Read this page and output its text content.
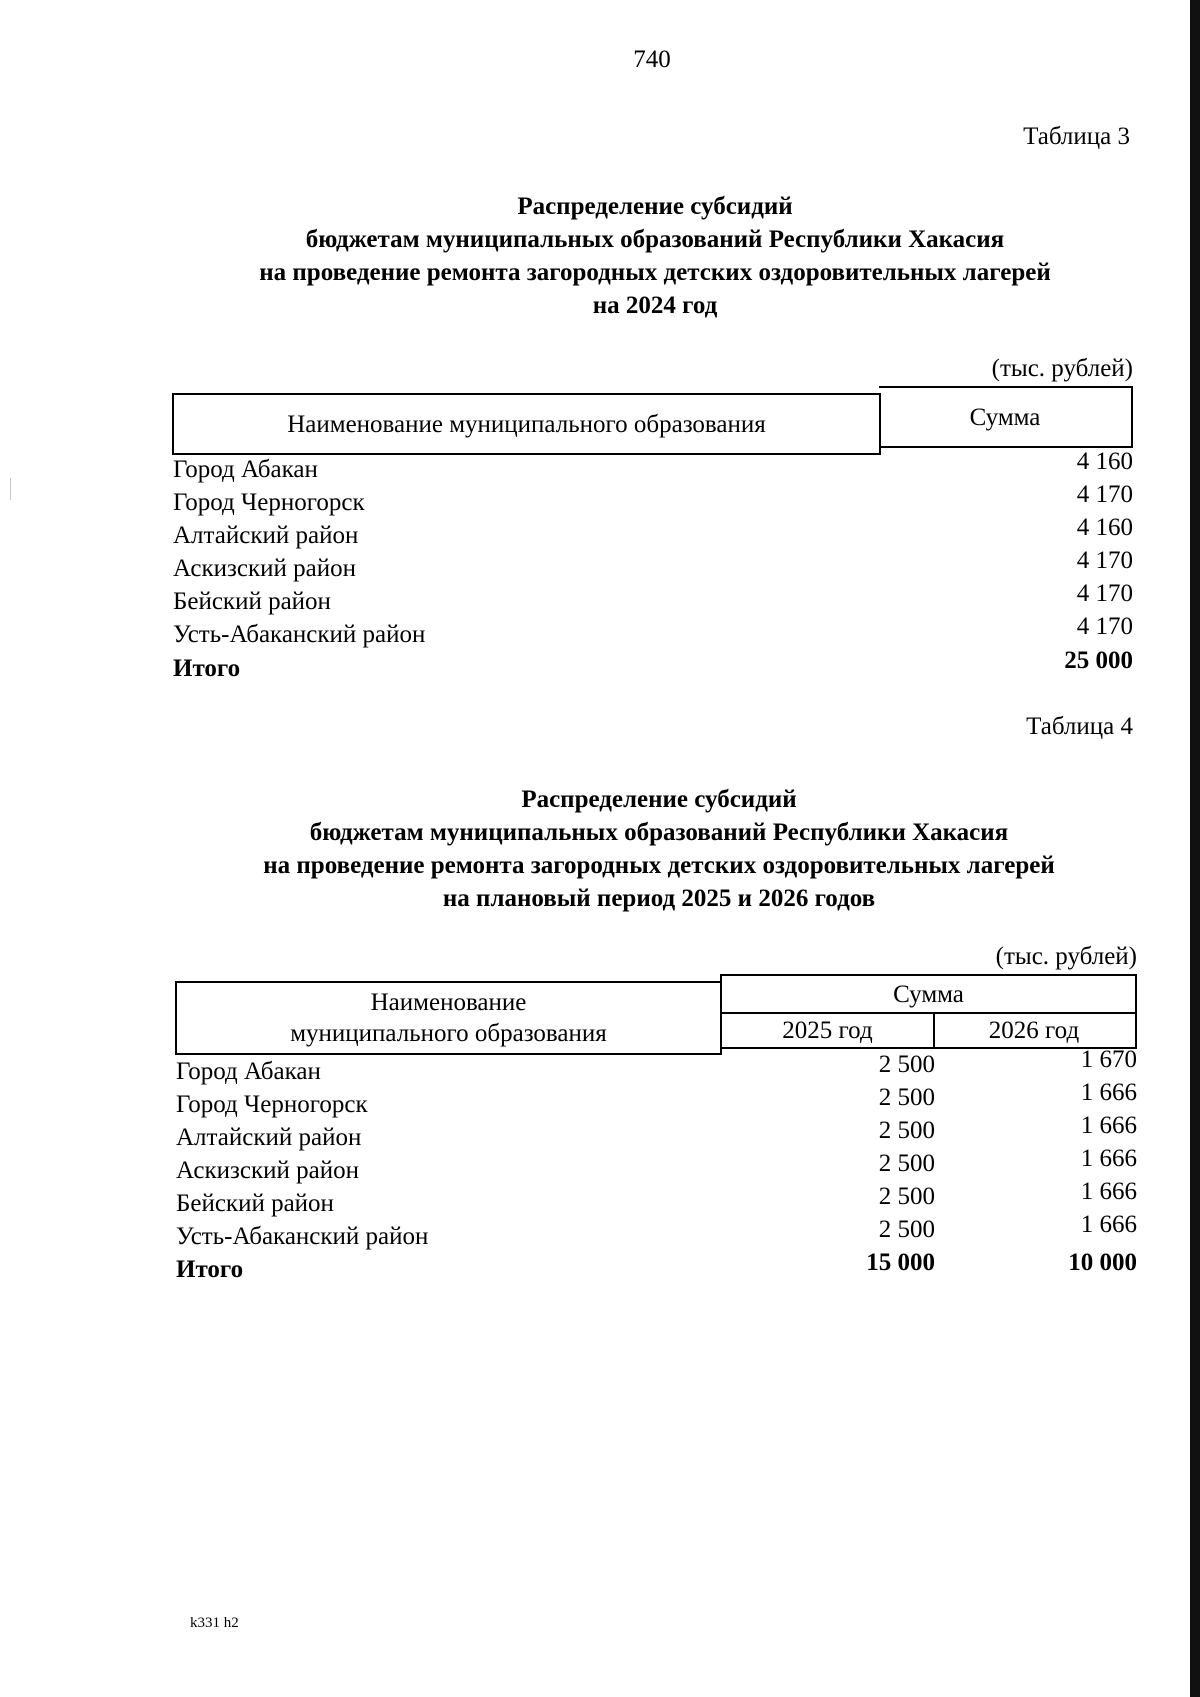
740
Таблица 3
Распределение субсидий
бюджетам муниципальных образований Республики Хакасия
на проведение ремонта загородных детских оздоровительных лагерей
на 2024 год
(тыс. рублей)
Наименование муниципального образования	Сумма
Город Абакан	4 160
Город Черногорск	4 170
Алтайский район	4 160
Аскизский район	4 170
Бейский район	4 170
Усть-Абаканский район	4 170
Итого	25 000
Таблица 4
Распределение субсидий
бюджетам муниципальных образований Республики Хакасия
на проведение ремонта загородных детских оздоровительных лагерей
на плановый период 2025 и 2026 годов
(тыс. рублей)
Наименование
муниципального образования
Сумма
2025 год	2026 год
Город Абакан	2 500	1 670
Город Черногорск	2 500	1 666
Алтайский район	2 500	1 666
Аскизский район	2 500	1 666
Бейский район	2 500	1 666
Усть-Абаканский район	2 500	1 666
Итого	15 000	10 000
k331 h2
